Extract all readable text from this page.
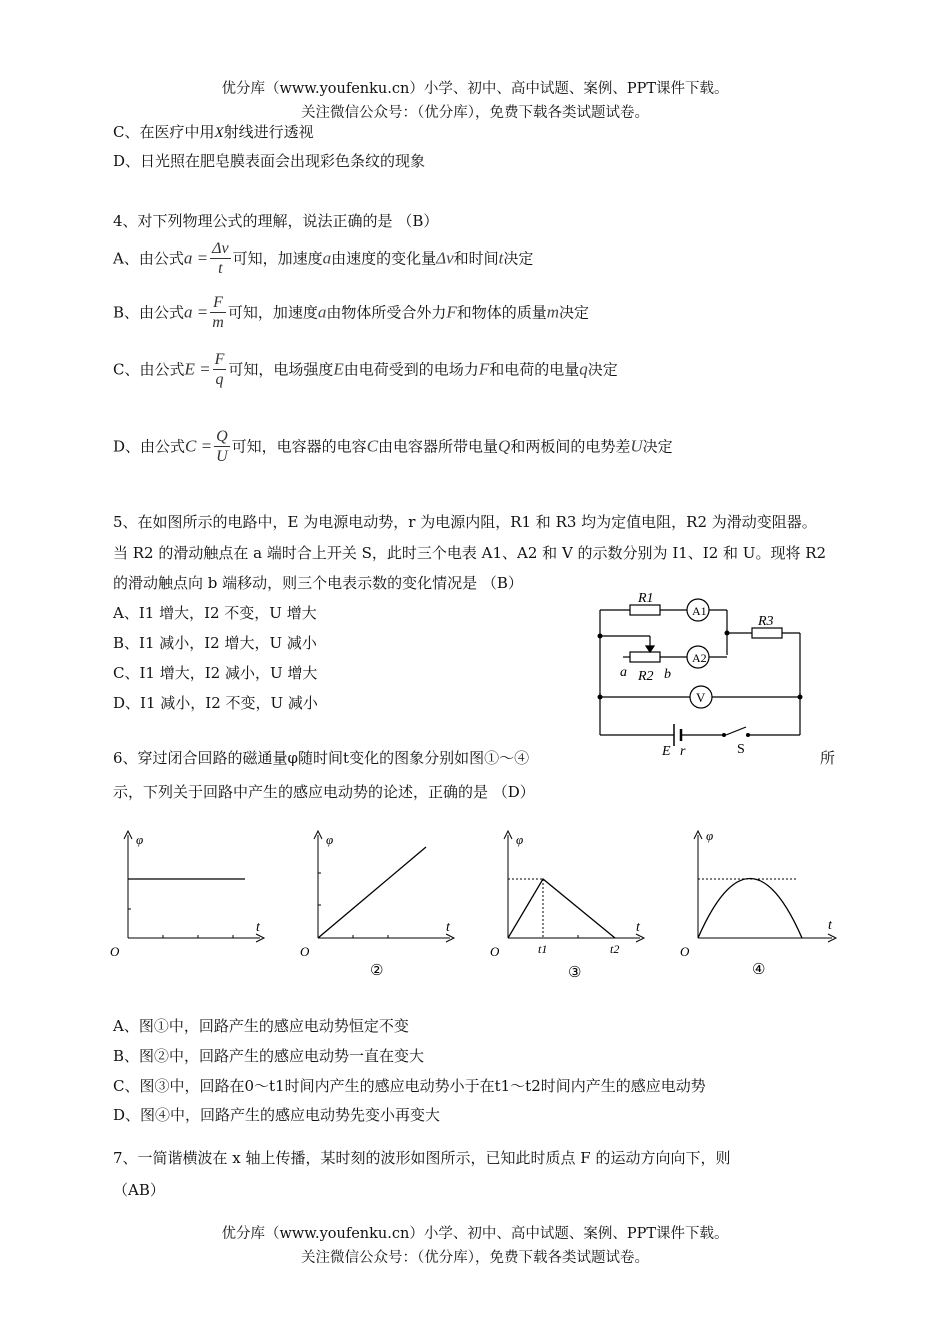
优分库（www.youfenku.cn）小学、初中、高中试题、案例、PPT课件下载。
关注微信公众号：（优分库），免费下载各类试题试卷。
C、在医疗中用X射线进行透视
D、日光照在肥皂膜表面会出现彩色条纹的现象
4、对下列物理公式的理解，说法正确的是 （B）
A、由公式$a = \frac{\Delta v}{t}$ 可知，加速度a由速度的变化量Δv和时间t决定
B、由公式$a = \frac{F}{m}$ 可知，加速度a由物体所受合外力F和物体的质量m决定
C、由公式$E = \frac{F}{q}$ 可知，电场强度E由电荷受到的电场力F和电荷的电量q决定
D、由公式$C = \frac{Q}{U}$ 可知，电容器的电容C由电容器所带电量Q和两板间的电势差U决定
5、在如图所示的电路中，E 为电源电动势，r 为电源内阻，R1 和 R3 均为定值电阻，R2 为滑动变阻器。
当 R2 的滑动触点在 a 端时合上开关 S，此时三个电表 A1、A2 和 V 的示数分别为 I1、I2 和 U。现将 R2
的滑动触点向 b 端移动，则三个电表示数的变化情况是 （B）
A、I1 增大，I2 不变，U 增大
B、I1 减小，I2 增大，U 减小
C、I1 增大，I2 减小，U 增大
D、I1 减小，I2 不变，U 减小
R1
A1
R3
A2
a R2 b
V
E r	S
6、穿过闭合回路的磁通量φ随时间t变化的图象分别如图①～④	所
示，下列关于回路中产生的感应电动势的论述，正确的是 （D）
φ
t
O
φ
t
O
②
φ
t
O	t1	t2
③
φ
t
O
④
A、图①中，回路产生的感应电动势恒定不变
B、图②中，回路产生的感应电动势一直在变大
C、图③中，回路在0～t1时间内产生的感应电动势小于在t1～t2时间内产生的感应电动势
D、图④中，回路产生的感应电动势先变小再变大
7、一简谐横波在 x 轴上传播，某时刻的波形如图所示，已知此时质点 F 的运动方向向下，则
（AB）
优分库（www.youfenku.cn）小学、初中、高中试题、案例、PPT课件下载。
关注微信公众号：（优分库），免费下载各类试题试卷。
